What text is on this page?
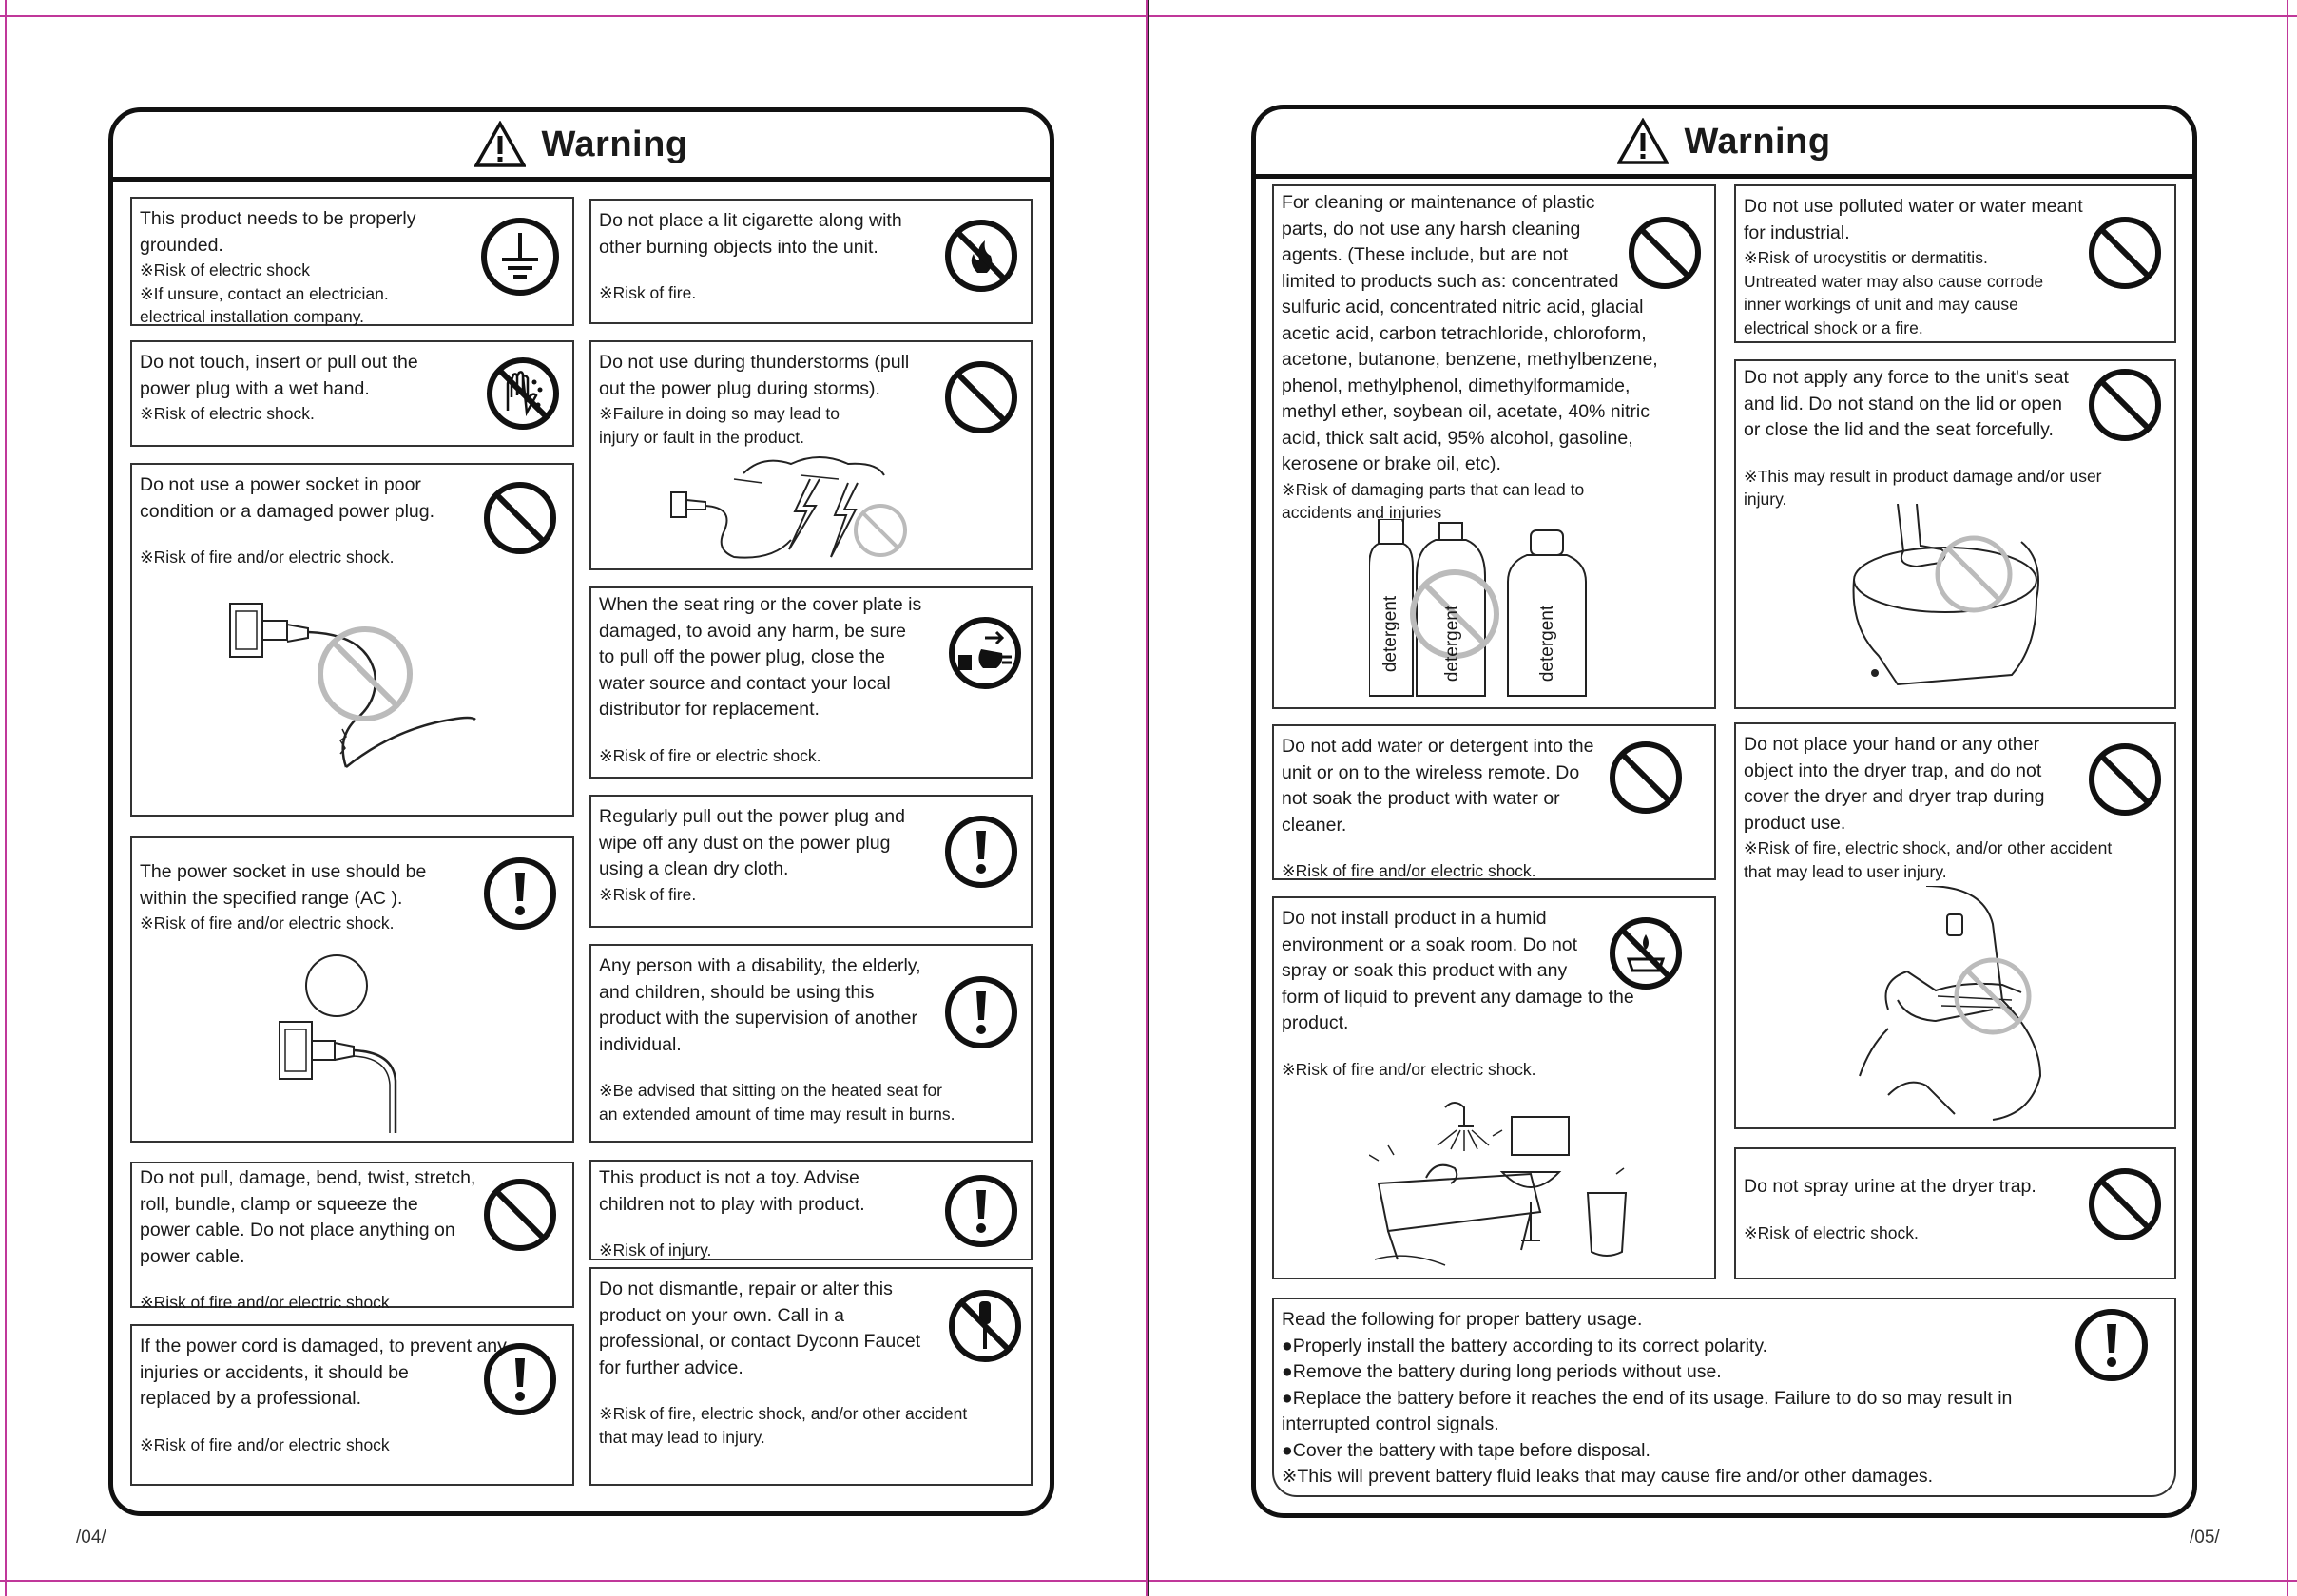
Warning
This product needs to be properly
grounded.
※Risk of electric shock
※If unsure, contact an electrician.
electrical installation company.
Do not touch, insert or pull out the
power plug with a wet hand.
※Risk of electric shock.
Do not use a power socket in poor
condition or a damaged power plug.
※Risk of fire and/or electric shock.
The power socket in use should be
within the specified range (AC ).
※Risk of fire and/or electric shock.
Do not pull, damage, bend, twist, stretch,
roll, bundle, clamp or squeeze the
power cable. Do not place anything on
power cable.
※Risk of fire and/or electric shock
If the power cord is damaged, to prevent any
injuries or accidents, it should be
replaced by a professional.
※Risk of fire and/or electric shock
Do not place a lit cigarette along with
other burning objects into the unit.
※Risk of fire.
Do not use during thunderstorms (pull
out the power plug during storms).
※Failure in doing so may lead to
injury or fault in the product.
When the seat ring or the cover plate is
damaged, to avoid any harm, be sure
to pull off the power plug, close the
water source and contact your local
distributor for replacement.
※Risk of fire or electric shock.
Regularly pull out the power plug and
wipe off any dust on the power plug
using a clean dry cloth.
※Risk of fire.
Any person with a disability, the elderly,
and children, should be using this
product with the supervision of another
individual.
※Be advised that sitting on the heated seat for
an extended amount of time may result in burns.
This product is not a toy. Advise
children not to play with product.
※Risk of injury.
Do not dismantle, repair or alter this
product on your own. Call in a
professional, or contact Dyconn Faucet
for further advice.
※Risk of fire, electric shock, and/or other accident
that may lead to injury.
/04/
Warning
For cleaning or maintenance of plastic
parts, do not use any harsh cleaning
agents. (These include, but are not
limited to products such as: concentrated
sulfuric acid, concentrated nitric acid, glacial
acetic acid, carbon tetrachloride, chloroform,
acetone, butanone, benzene, methylbenzene,
phenol, methylphenol, dimethylformamide,
methyl ether, soybean oil, acetate, 40% nitric
acid, thick salt acid, 95% alcohol, gasoline,
kerosene or brake oil, etc).
※Risk of damaging parts that can lead to
accidents and injuries
detergent detergent	detergent
Do not use polluted water or water meant
for industrial.
※Risk of urocystitis or dermatitis.
Untreated water may also cause corrode
inner workings of unit and may cause
electrical shock or a fire.
Do not apply any force to the unit's seat
and lid. Do not stand on the lid or open
or close the lid and the seat forcefully.
※This may result in product damage and/or user
injury.
Do not add water or detergent into the
unit or on to the wireless remote. Do
not soak the product with water or
cleaner.
※Risk of fire and/or electric shock.
Do not place your hand or any other
object into the dryer trap, and do not
cover the dryer and dryer trap during
product use.
※Risk of fire, electric shock, and/or other accident
that may lead to user injury.
Do not install product in a humid
environment or a soak room. Do not
spray or soak this product with any
form of liquid to prevent any damage to the
product.
※Risk of fire and/or electric shock.
Do not spray urine at the dryer trap.
※Risk of electric shock.
Read the following for proper battery usage.
●Properly install the battery according to its correct polarity.
●Remove the battery during long periods without use.
●Replace the battery before it reaches the end of its usage. Failure to do so may result in
interrupted control signals.
●Cover the battery with tape before disposal.
※This will prevent battery fluid leaks that may cause fire and/or other damages.
/05/
